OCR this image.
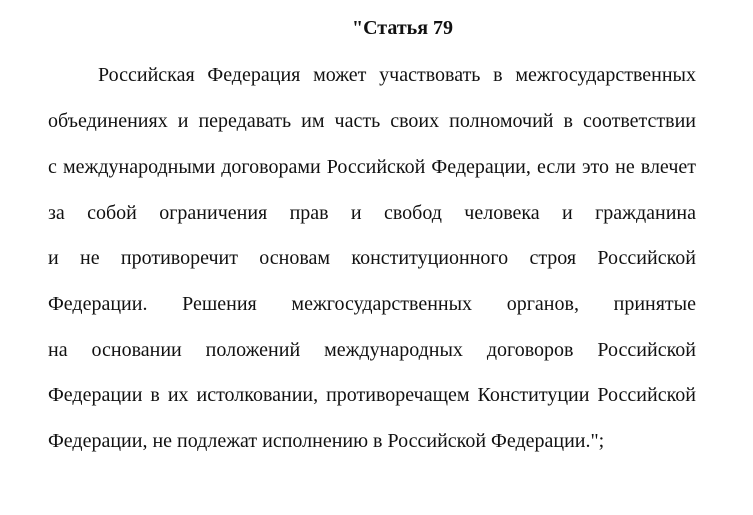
"Статья 79
Российская Федерация может участвовать в межгосударственных
объединениях и передавать им часть своих полномочий в соответствии
с международными договорами Российской Федерации, если это не влечет
за собой ограничения прав и свобод человека и гражданина
и не противоречит основам конституционного строя Российской
Федерации. Решения межгосударственных органов, принятые
на основании положений международных договоров Российской
Федерации в их истолковании, противоречащем Конституции Российской
Федерации, не подлежат исполнению в Российской Федерации.";
